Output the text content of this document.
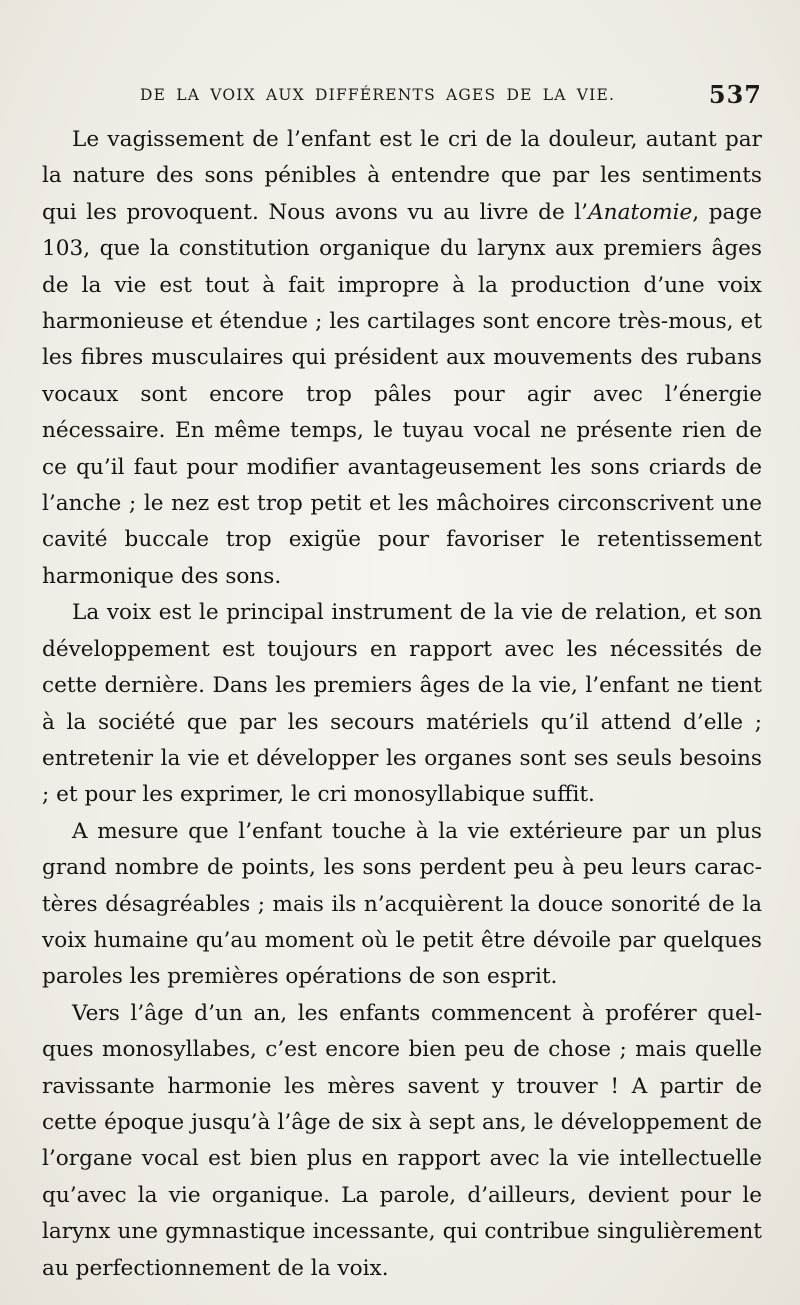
DE LA VOIX AUX DIFFÉRENTS AGES DE LA VIE.	537

Le vagissement de l’enfant est le cri de la douleur, autant par la nature des sons pénibles à entendre que par les sentiments qui les provoquent. Nous avons vu au livre de l’Anatomie, page 103, que la constitution organique du larynx aux premiers âges de la vie est tout à fait impropre à la production d’une voix harmonieuse et étendue ; les cartilages sont encore très-mous, et les fibres musculaires qui président aux mouvements des rubans vocaux sont encore trop pâles pour agir avec l’énergie nécessaire. En même temps, le tuyau vocal ne présente rien de ce qu’il faut pour modifier avantageusement les sons criards de l’anche ; le nez est trop petit et les mâchoires circonscrivent une cavité buccale trop exigüe pour favoriser le retentissement harmonique des sons.

La voix est le principal instrument de la vie de relation, et son développement est toujours en rapport avec les nécessités de cette dernière. Dans les premiers âges de la vie, l’enfant ne tient à la société que par les secours matériels qu’il attend d’elle ; entretenir la vie et développer les organes sont ses seuls besoins ; et pour les exprimer, le cri monosyllabique suffit.

A mesure que l’enfant touche à la vie extérieure par un plus grand nombre de points, les sons perdent peu à peu leurs caractères désagréables ; mais ils n’acquièrent la douce sonorité de la voix humaine qu’au moment où le petit être dévoile par quelques paroles les premières opérations de son esprit.

Vers l’âge d’un an, les enfants commencent à proférer quelques monosyllabes, c’est encore bien peu de chose ; mais quelle ravissante harmonie les mères savent y trouver ! A partir de cette époque jusqu’à l’âge de six à sept ans, le développement de l’organe vocal est bien plus en rapport avec la vie intellectuelle qu’avec la vie organique. La parole, d’ailleurs, devient pour le larynx une gymnastique incessante, qui contribue singulièrement au perfectionnement de la voix.
